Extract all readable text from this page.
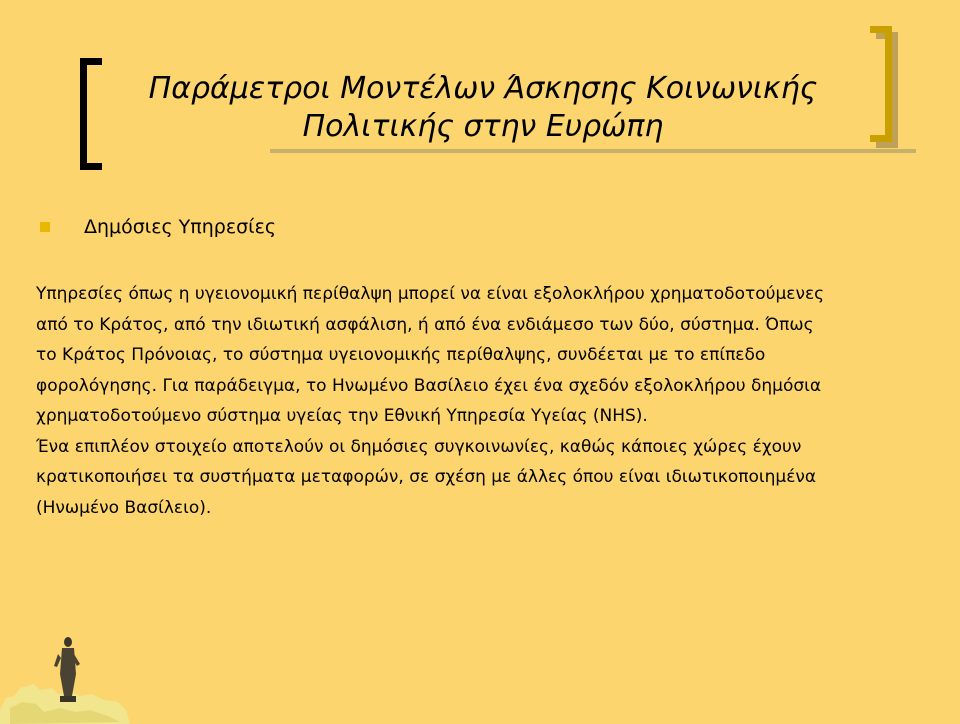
Παράμετροι Μοντέλων Άσκησης Κοινωνικής
Πολιτικής στην Ευρώπη
Δημόσιες Υπηρεσίες
Υπηρεσίες όπως η υγειονομική περίθαλψη μπορεί να είναι εξολοκλήρου χρηματοδοτούμενες
από το Κράτος, από την ιδιωτική ασφάλιση, ή από ένα ενδιάμεσο των δύο, σύστημα. Όπως
το Κράτος Πρόνοιας, το σύστημα υγειονομικής περίθαλψης, συνδέεται με το επίπεδο
φορολόγησης. Για παράδειγμα, το Ηνωμένο Βασίλειο έχει ένα σχεδόν εξολοκλήρου δημόσια
χρηματοδοτούμενο σύστημα υγείας την Εθνική Υπηρεσία Υγείας (NHS).
Ένα επιπλέον στοιχείο αποτελούν οι δημόσιες συγκοινωνίες, καθώς κάποιες χώρες έχουν
κρατικοποιήσει τα συστήματα μεταφορών, σε σχέση με άλλες όπου είναι ιδιωτικοποιημένα
(Ηνωμένο Βασίλειο).
